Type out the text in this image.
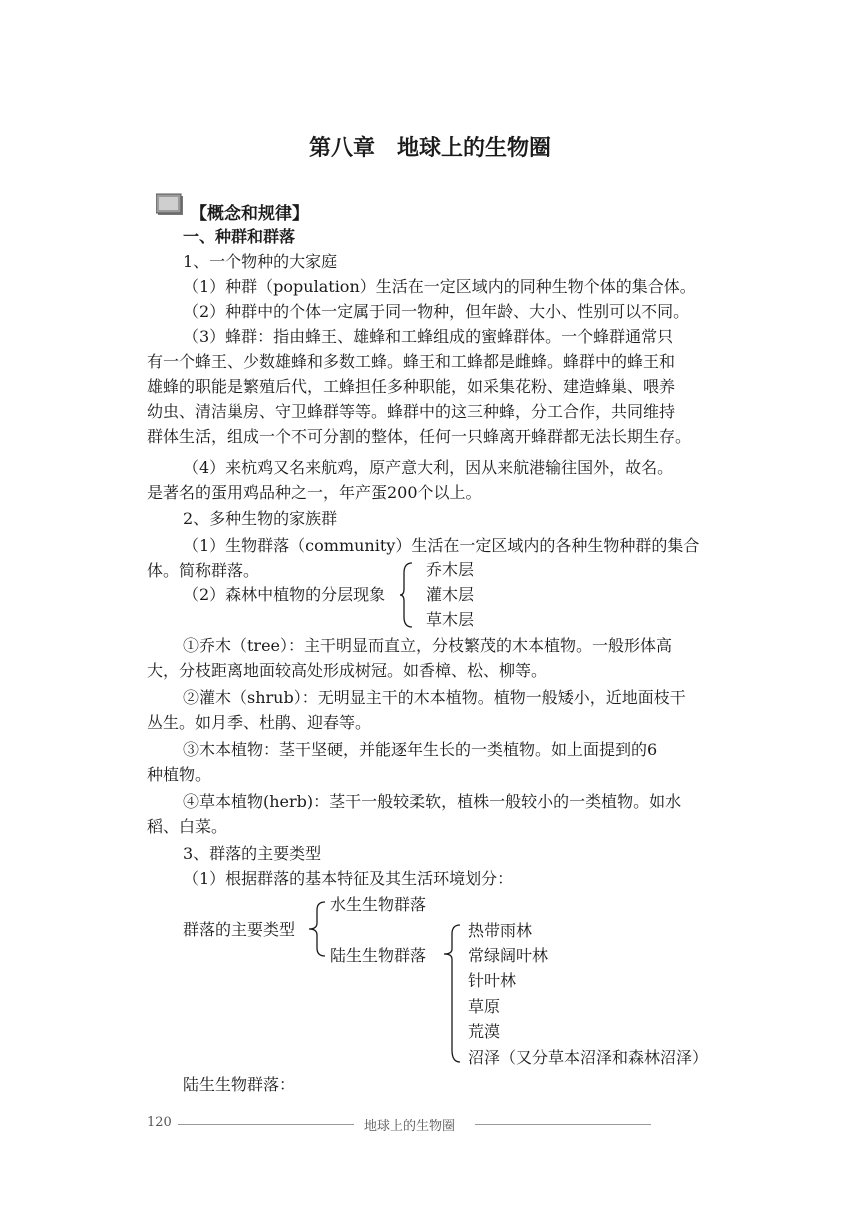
第八章　地球上的生物圈
【概念和规律】
一、种群和群落
1、一个物种的大家庭
（1）种群（population）生活在一定区域内的同种生物个体的集合体。
（2）种群中的个体一定属于同一物种，但年龄、大小、性别可以不同。
（3）蜂群：指由蜂王、雄蜂和工蜂组成的蜜蜂群体。一个蜂群通常只
有一个蜂王、少数雄蜂和多数工蜂。蜂王和工蜂都是雌蜂。蜂群中的蜂王和
雄蜂的职能是繁殖后代，工蜂担任多种职能，如采集花粉、建造蜂巢、喂养
幼虫、清洁巢房、守卫蜂群等等。蜂群中的这三种蜂，分工合作，共同维持
群体生活，组成一个不可分割的整体，任何一只蜂离开蜂群都无法长期生存。
（4）来杭鸡又名来航鸡，原产意大利，因从来航港输往国外，故名。
是著名的蛋用鸡品种之一，年产蛋200个以上。
2、多种生物的家族群
（1）生物群落（community）生活在一定区域内的各种生物种群的集合
体。简称群落。
（2）森林中植物的分层现象
乔木层
灌木层
草木层
①乔木（tree）：主干明显而直立，分枝繁茂的木本植物。一般形体高
大，分枝距离地面较高处形成树冠。如香樟、松、柳等。
②灌木（shrub）：无明显主干的木本植物。植物一般矮小，近地面枝干
丛生。如月季、杜鹃、迎春等。
③木本植物：茎干坚硬，并能逐年生长的一类植物。如上面提到的6
种植物。
④草本植物(herb)：茎干一般较柔软，植株一般较小的一类植物。如水
稻、白菜。
3、群落的主要类型
（1）根据群落的基本特征及其生活环境划分：
群落的主要类型
水生生物群落
陆生生物群落
热带雨林
常绿阔叶林
针叶林
草原
荒漠
沼泽（又分草本沼泽和森林沼泽）
陆生生物群落：
120	地球上的生物圈
